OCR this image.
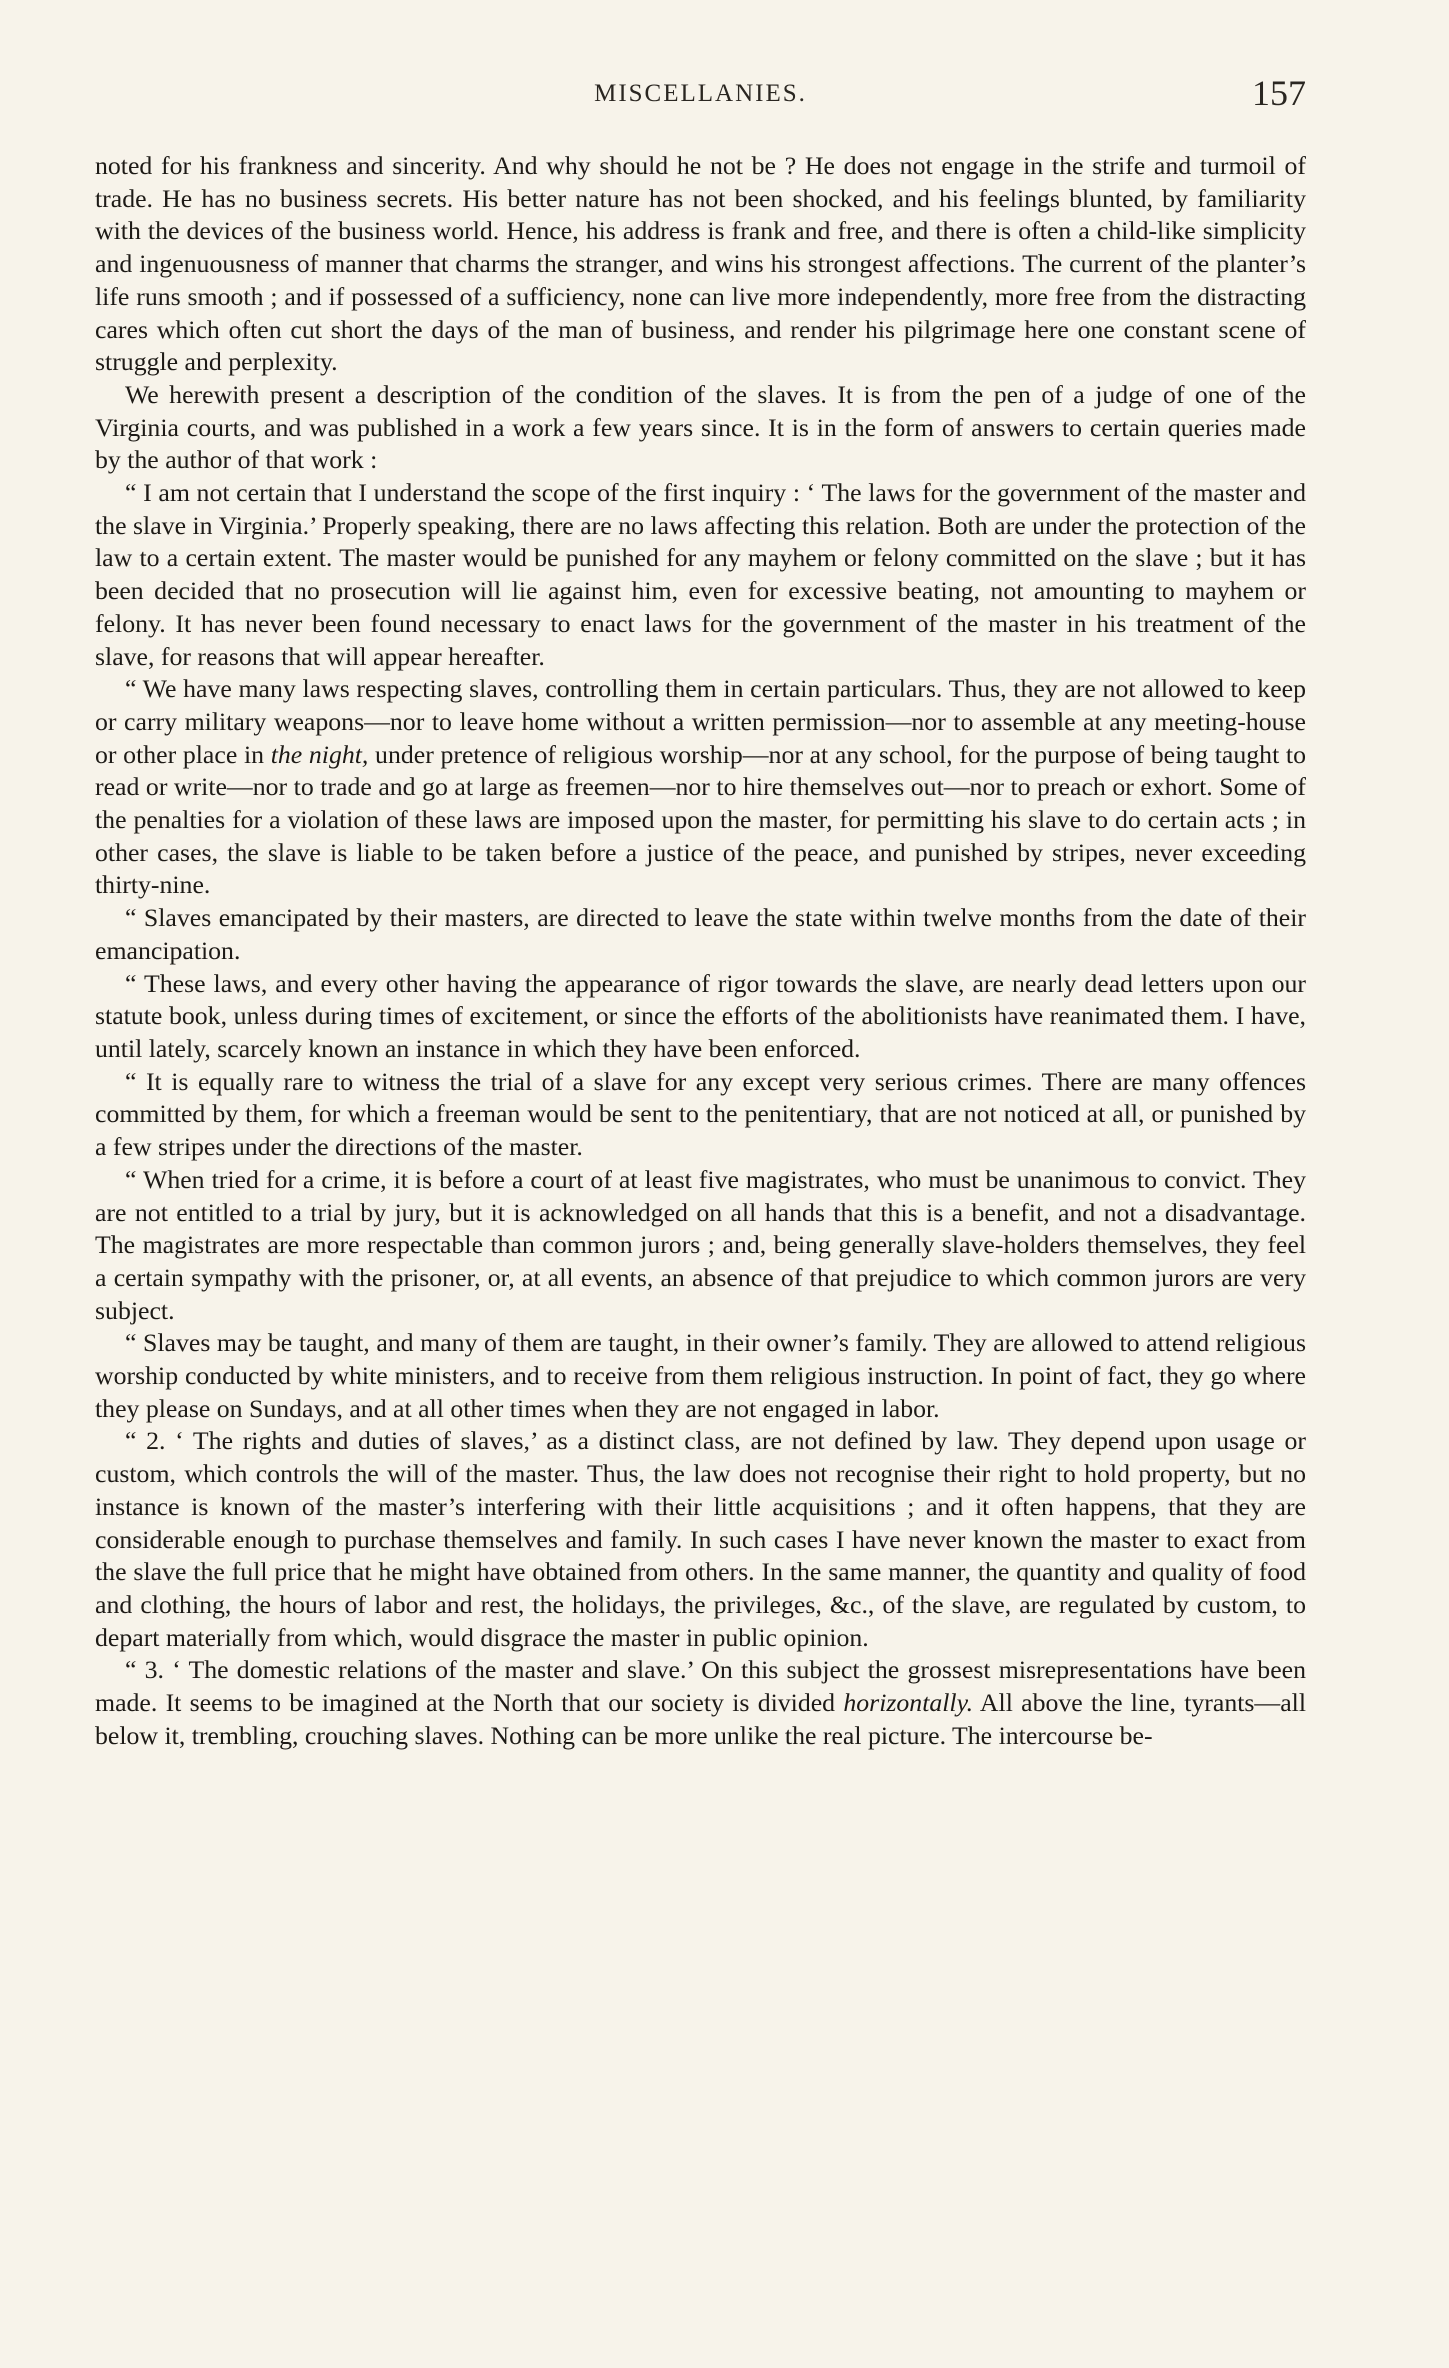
MISCELLANIES.	157

noted for his frankness and sincerity. And why should he not be ? He does not engage in the strife and turmoil of trade. He has no business secrets. His better nature has not been shocked, and his feelings blunted, by familiarity with the devices of the business world. Hence, his address is frank and free, and there is often a child-like simplicity and ingenuousness of manner that charms the stranger, and wins his strongest affections. The current of the planter’s life runs smooth ; and if possessed of a sufficiency, none can live more independently, more free from the distracting cares which often cut short the days of the man of business, and render his pilgrimage here one constant scene of struggle and perplexity.

We herewith present a description of the condition of the slaves. It is from the pen of a judge of one of the Virginia courts, and was published in a work a few years since. It is in the form of answers to certain queries made by the author of that work :

“ I am not certain that I understand the scope of the first inquiry : ‘ The laws for the government of the master and the slave in Virginia.’ Properly speaking, there are no laws affecting this relation. Both are under the protection of the law to a certain extent. The master would be punished for any mayhem or felony committed on the slave ; but it has been decided that no prosecution will lie against him, even for excessive beating, not amounting to mayhem or felony. It has never been found necessary to enact laws for the government of the master in his treatment of the slave, for reasons that will appear hereafter.

“ We have many laws respecting slaves, controlling them in certain particulars. Thus, they are not allowed to keep or carry military weapons—nor to leave home without a written permission—nor to assemble at any meeting-house or other place in the night, under pretence of religious worship—nor at any school, for the purpose of being taught to read or write—nor to trade and go at large as freemen—nor to hire themselves out—nor to preach or exhort. Some of the penalties for a violation of these laws are imposed upon the master, for permitting his slave to do certain acts ; in other cases, the slave is liable to be taken before a justice of the peace, and punished by stripes, never exceeding thirty-nine.

“ Slaves emancipated by their masters, are directed to leave the state within twelve months from the date of their emancipation.

“ These laws, and every other having the appearance of rigor towards the slave, are nearly dead letters upon our statute book, unless during times of excitement, or since the efforts of the abolitionists have reanimated them. I have, until lately, scarcely known an instance in which they have been enforced.

“ It is equally rare to witness the trial of a slave for any except very serious crimes. There are many offences committed by them, for which a freeman would be sent to the penitentiary, that are not noticed at all, or punished by a few stripes under the directions of the master.

“ When tried for a crime, it is before a court of at least five magistrates, who must be unanimous to convict. They are not entitled to a trial by jury, but it is acknowledged on all hands that this is a benefit, and not a disadvantage. The magistrates are more respectable than common jurors ; and, being generally slave-holders themselves, they feel a certain sympathy with the prisoner, or, at all events, an absence of that prejudice to which common jurors are very subject.

“ Slaves may be taught, and many of them are taught, in their owner’s family. They are allowed to attend religious worship conducted by white ministers, and to receive from them religious instruction. In point of fact, they go where they please on Sundays, and at all other times when they are not engaged in labor.

“ 2. ‘ The rights and duties of slaves,’ as a distinct class, are not defined by law. They depend upon usage or custom, which controls the will of the master. Thus, the law does not recognise their right to hold property, but no instance is known of the master’s interfering with their little acquisitions ; and it often happens, that they are considerable enough to purchase themselves and family. In such cases I have never known the master to exact from the slave the full price that he might have obtained from others. In the same manner, the quantity and quality of food and clothing, the hours of labor and rest, the holidays, the privileges, &c., of the slave, are regulated by custom, to depart materially from which, would disgrace the master in public opinion.

“ 3. ‘ The domestic relations of the master and slave.’ On this subject the grossest misrepresentations have been made. It seems to be imagined at the North that our society is divided horizontally. All above the line, tyrants—all below it, trembling, crouching slaves. Nothing can be more unlike the real picture. The intercourse be-
